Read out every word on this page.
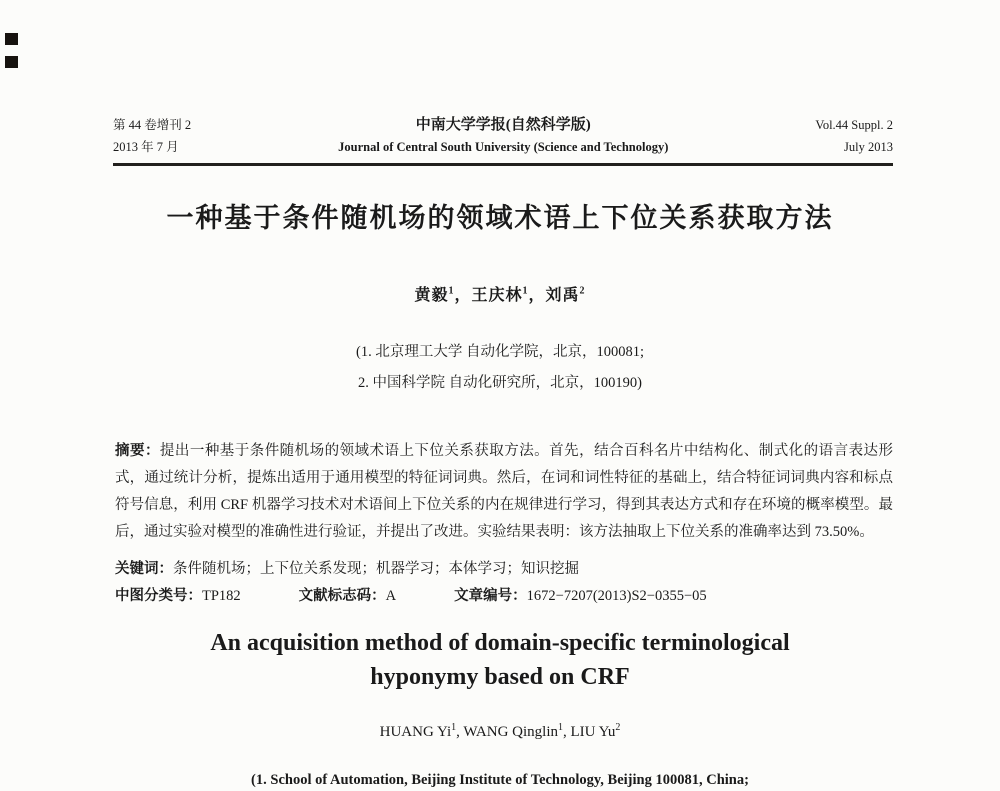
第 44 卷增刊 2
2013 年 7 月
中南大学学报(自然科学版)
Journal of Central South University (Science and Technology)
Vol.44 Suppl. 2
July 2013
一种基于条件随机场的领域术语上下位关系获取方法
黄毅$^1$，王庆林$^1$，刘禹$^2$
(1. 北京理工大学 自动化学院，北京，100081;
2. 中国科学院 自动化研究所，北京，100190)

摘要：提出一种基于条件随机场的领域术语上下位关系获取方法。首先，结合百科名片中结构化、制式化的语言表达形式，通过统计分析，提炼出适用于通用模型的特征词词典。然后，在词和词性特征的基础上，结合特征词词典内容和标点符号信息，利用 CRF 机器学习技术对术语间上下位关系的内在规律进行学习，得到其表达方式和存在环境的概率模型。最后，通过实验对模型的准确性进行验证，并提出了改进。实验结果表明：该方法抽取上下位关系的准确率达到 73.50%。

关键词：条件随机场；上下位关系发现；机器学习；本体学习；知识挖掘
中图分类号：TP182	文献标志码：A	文章编号：1672−7207(2013)S2−0355−05
An acquisition method of domain-specific terminological hyponymy based on CRF
HUANG Yi$^1$, WANG Qinglin$^1$, LIU Yu$^2$
(1. School of Automation, Beijing Institute of Technology, Beijing 100081, China;
